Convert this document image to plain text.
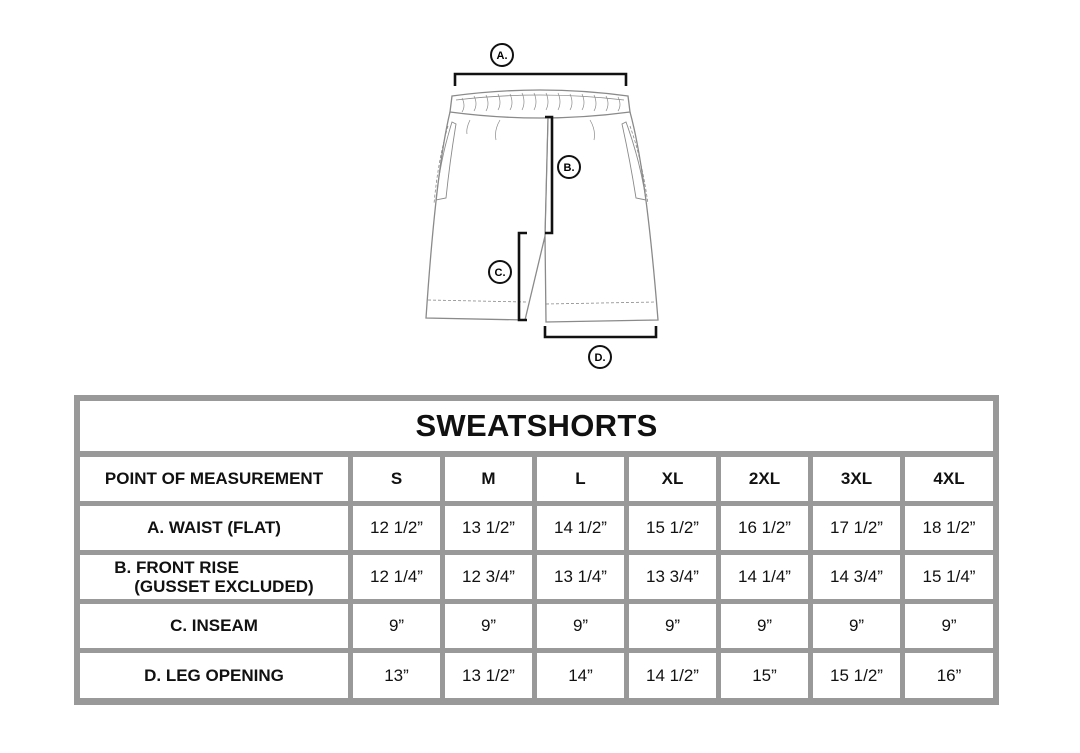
A.
B.
C.
D.
SWEATSHORTS
POINT OF MEASUREMENT	S	M	L	XL	2XL	3XL	4XL
A. WAIST (FLAT)	12 1/2”	13 1/2”	14 1/2”	15 1/2”	16 1/2”	17 1/2”	18 1/2”
B. FRONT RISE
(GUSSET EXCLUDED)
12 1/4”	12 3/4”	13 1/4”	13 3/4”	14 1/4”	14 3/4”	15 1/4”
C. INSEAM	9”	9”	9”	9”	9”	9”	9”
D. LEG OPENING	13”	13 1/2”	14”	14 1/2”	15”	15 1/2”	16”
